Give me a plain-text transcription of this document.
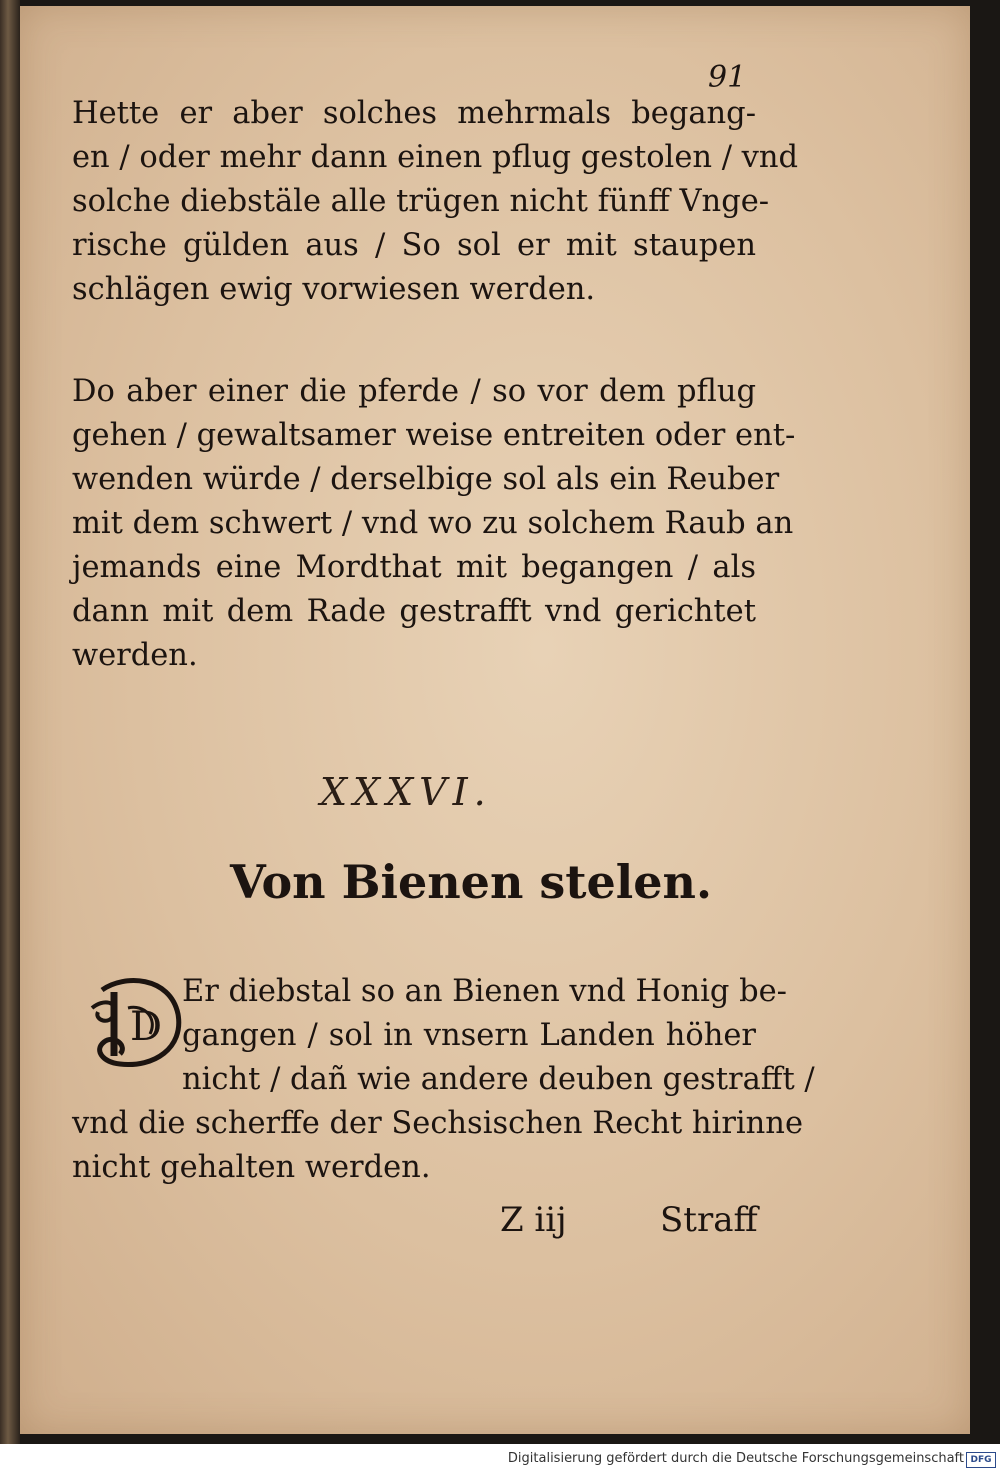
91
Hette er aber solches mehrmals begang-
en / oder mehr dann einen pflug gestolen / vnd
solche diebstäle alle trügen nicht fünff Vnge-
rische gülden aus / So sol er mit staupen
schlägen ewig vorwiesen werden.
Do aber einer die pferde / so vor dem pflug
gehen / gewaltsamer weise entreiten oder ent-
wenden würde / derselbige sol als ein Reuber
mit dem schwert / vnd wo zu solchem Raub an
jemands eine Mordthat mit begangen / als
dann mit dem Rade gestrafft vnd gerichtet
werden.
XXXVI.
Von Bienen stelen.
D
Er diebstal so an Bienen vnd Honig be-
gangen / sol in vnsern Landen höher
nicht / dañ wie andere deuben gestrafft /
vnd die scherffe der Sechsischen Recht hirinne
nicht gehalten werden.
Z iij	Straff
Digitalisierung gefördert durch die Deutsche Forschungsgemeinschaft DFG
